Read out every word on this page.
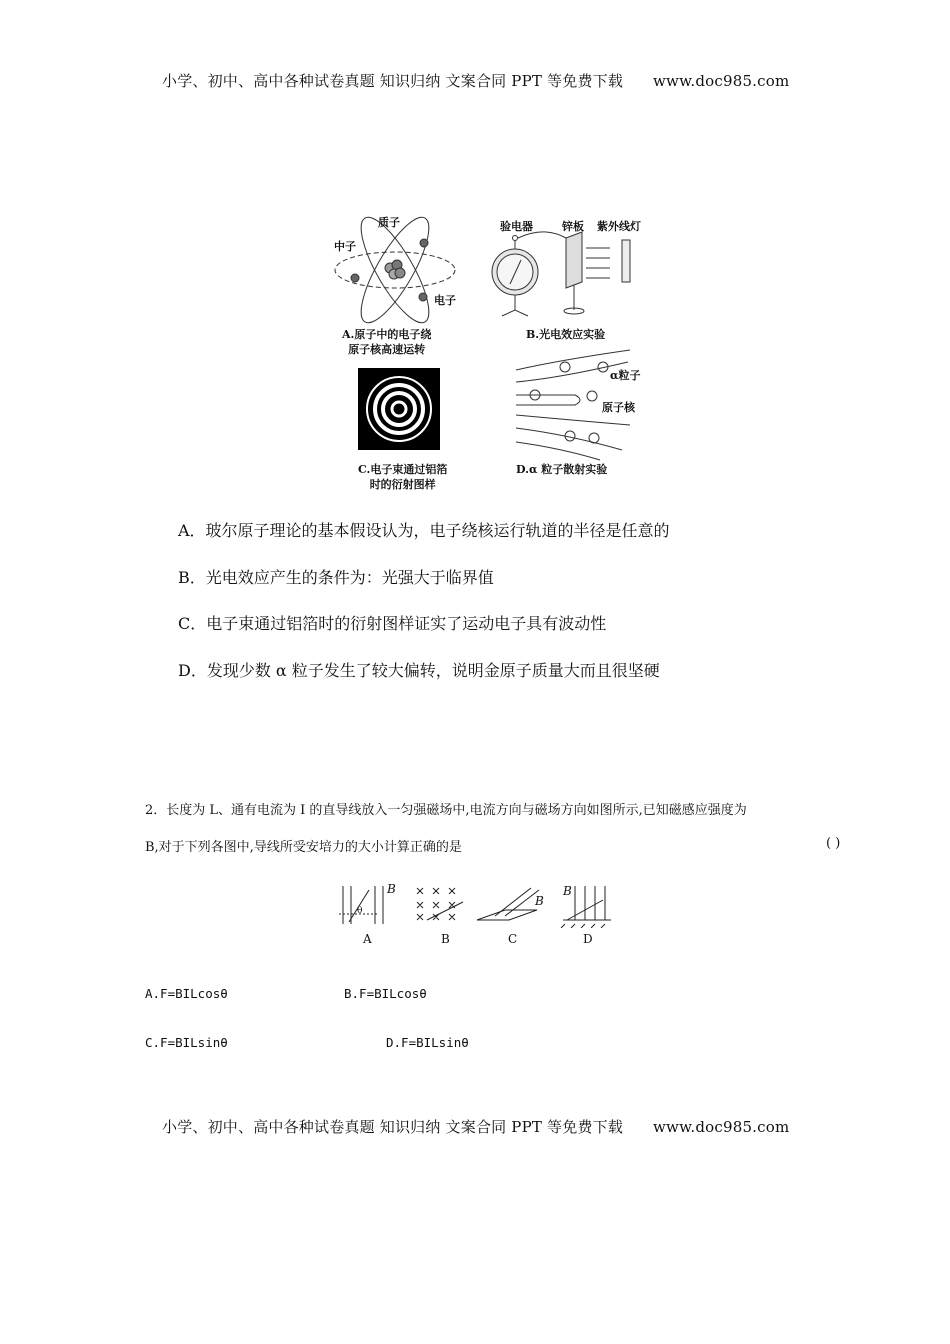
小学、初中、高中各种试卷真题 知识归纳 文案合同 PPT 等免费下载 www.doc985.com
质子
中子
电子
A.原子中的电子绕
原子核高速运转
验电器	锌板 紫外线灯
B.光电效应实验
C.电子束通过铝箔
时的衍射图样
α粒子
原子核
D.α 粒子散射实验
A．玻尔原子理论的基本假设认为，电子绕核运行轨道的半径是任意的
B．光电效应产生的条件为：光强大于临界值
C．电子束通过铝箔时的衍射图样证实了运动电子具有波动性
D．发现少数 α 粒子发生了较大偏转，说明金原子质量大而且很坚硬
2．长度为 L、通有电流为 I 的直导线放入一匀强磁场中,电流方向与磁场方向如图所示,已知磁感应强度为
B,对于下列各图中,导线所受安培力的大小计算正确的是	( )
B
θ
B
B
A	B	C	D
A.F=BILcosθ	B.F=BILcosθ
C.F=BILsinθ	D.F=BILsinθ
小学、初中、高中各种试卷真题 知识归纳 文案合同 PPT 等免费下载 www.doc985.com
